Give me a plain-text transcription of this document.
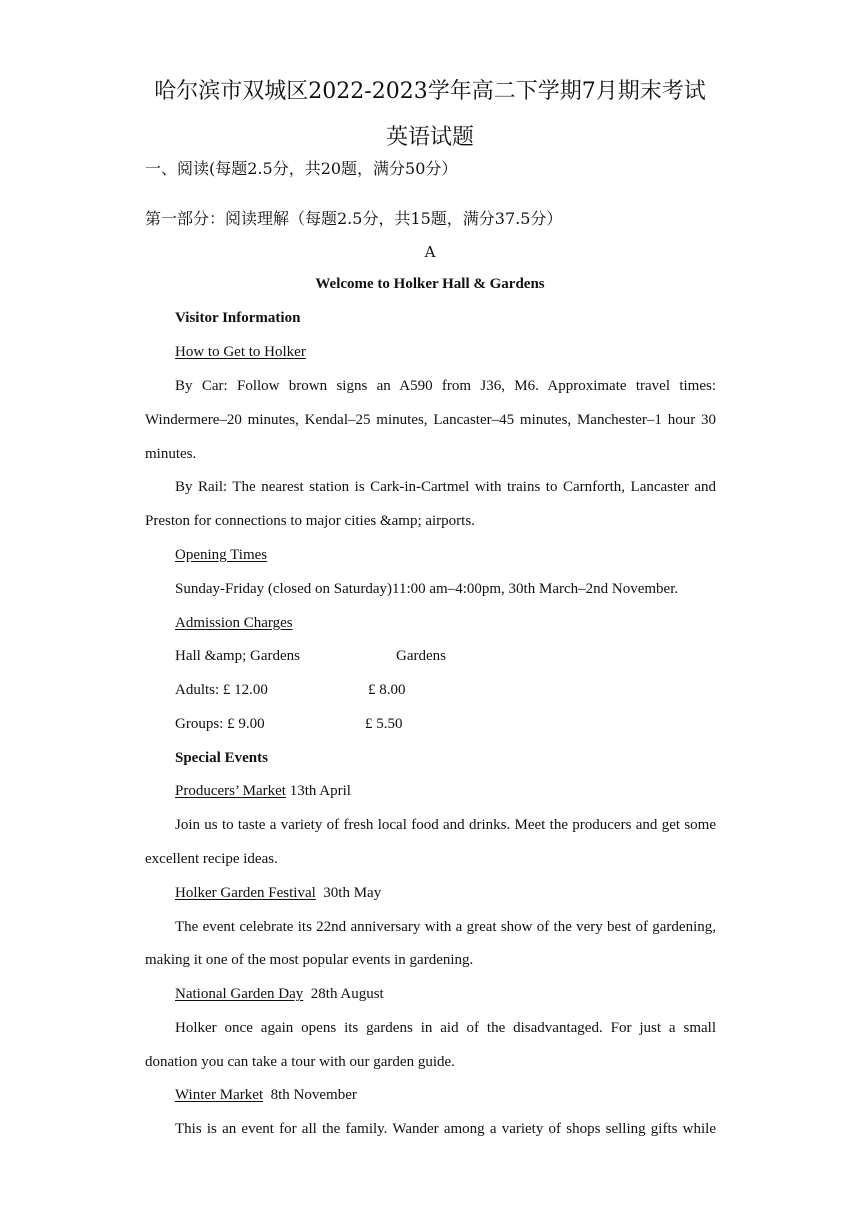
哈尔滨市双城区2022-2023学年高二下学期7月期末考试
英语试题
一、阅读(每题2.5分，共20题，满分50分）
第一部分：阅读理解（每题2.5分，共15题，满分37.5分）
A
Welcome to Holker Hall & Gardens
Visitor Information
How to Get to Holker
By Car: Follow brown signs an A590 from J36, M6. Approximate travel times:
Windermere–20 minutes, Kendal–25 minutes, Lancaster–45 minutes, Manchester–1 hour 30
minutes.
By Rail: The nearest station is Cark-in-Cartmel with trains to Carnforth, Lancaster and
Preston for connections to major cities &amp; airports.
Opening Times
Sunday-Friday (closed on Saturday)11:00 am–4:00pm, 30th March–2nd November.
Admission Charges
Hall &amp; Gardens	Gardens
Adults: £ 12.00	£ 8.00
Groups: £ 9.00	£ 5.50
Special Events
Producers’ Market 13th April
Join us to taste a variety of fresh local food and drinks. Meet the producers and get some
excellent recipe ideas.
Holker Garden Festival 30th May
The event celebrate its 22nd anniversary with a great show of the very best of gardening,
making it one of the most popular events in gardening.
National Garden Day 28th August
Holker once again opens its gardens in aid of the disadvantaged. For just a small
donation you can take a tour with our garden guide.
Winter Market 8th November
This is an event for all the family. Wander among a variety of shops selling gifts while
